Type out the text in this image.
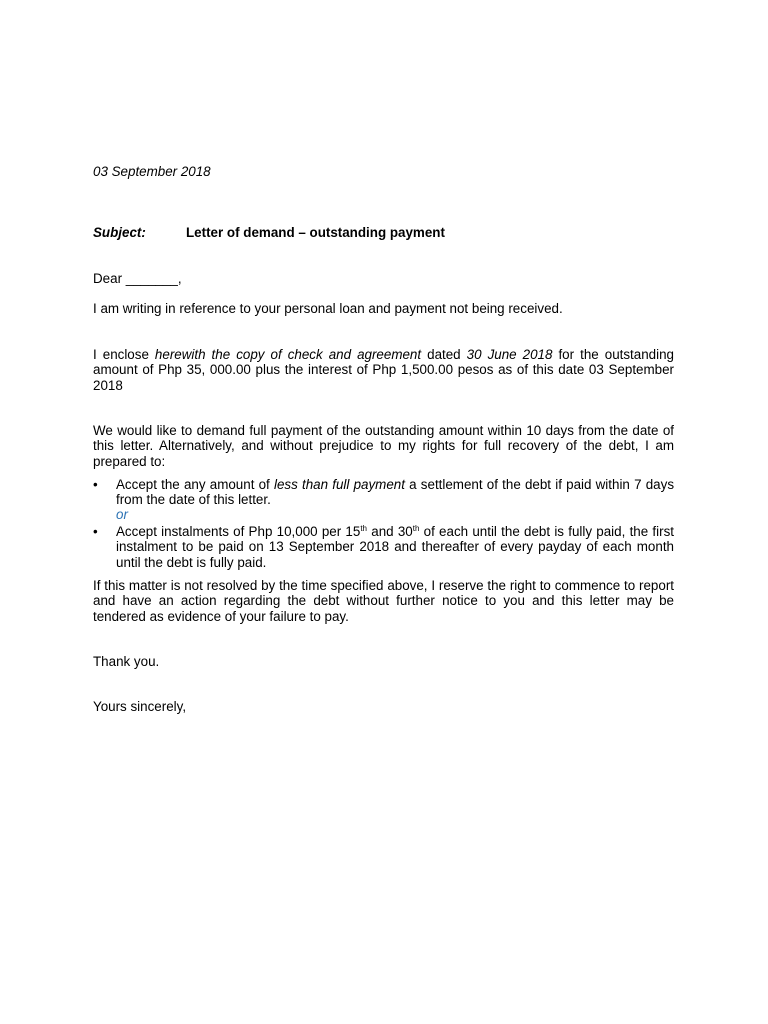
03 September 2018
Subject:	Letter of demand – outstanding payment
Dear _______,
I am writing in reference to your personal loan and payment not being received.
I enclose herewith the copy of check and agreement dated 30 June 2018 for the outstanding amount of Php 35, 000.00 plus the interest of Php 1,500.00 pesos as of this date 03 September 2018
We would like to demand full payment of the outstanding amount within 10 days from the date of this letter. Alternatively, and without prejudice to my rights for full recovery of the debt, I am prepared to:
•	Accept the any amount of less than full payment a settlement of the debt if paid within 7 days from the date of this letter.
or
•	Accept instalments of Php 10,000 per 15th and 30th of each until the debt is fully paid, the first instalment to be paid on 13 September 2018 and thereafter of every payday of each month until the debt is fully paid.
If this matter is not resolved by the time specified above, I reserve the right to commence to report and have an action regarding the debt without further notice to you and this letter may be tendered as evidence of your failure to pay.
Thank you.
Yours sincerely,
